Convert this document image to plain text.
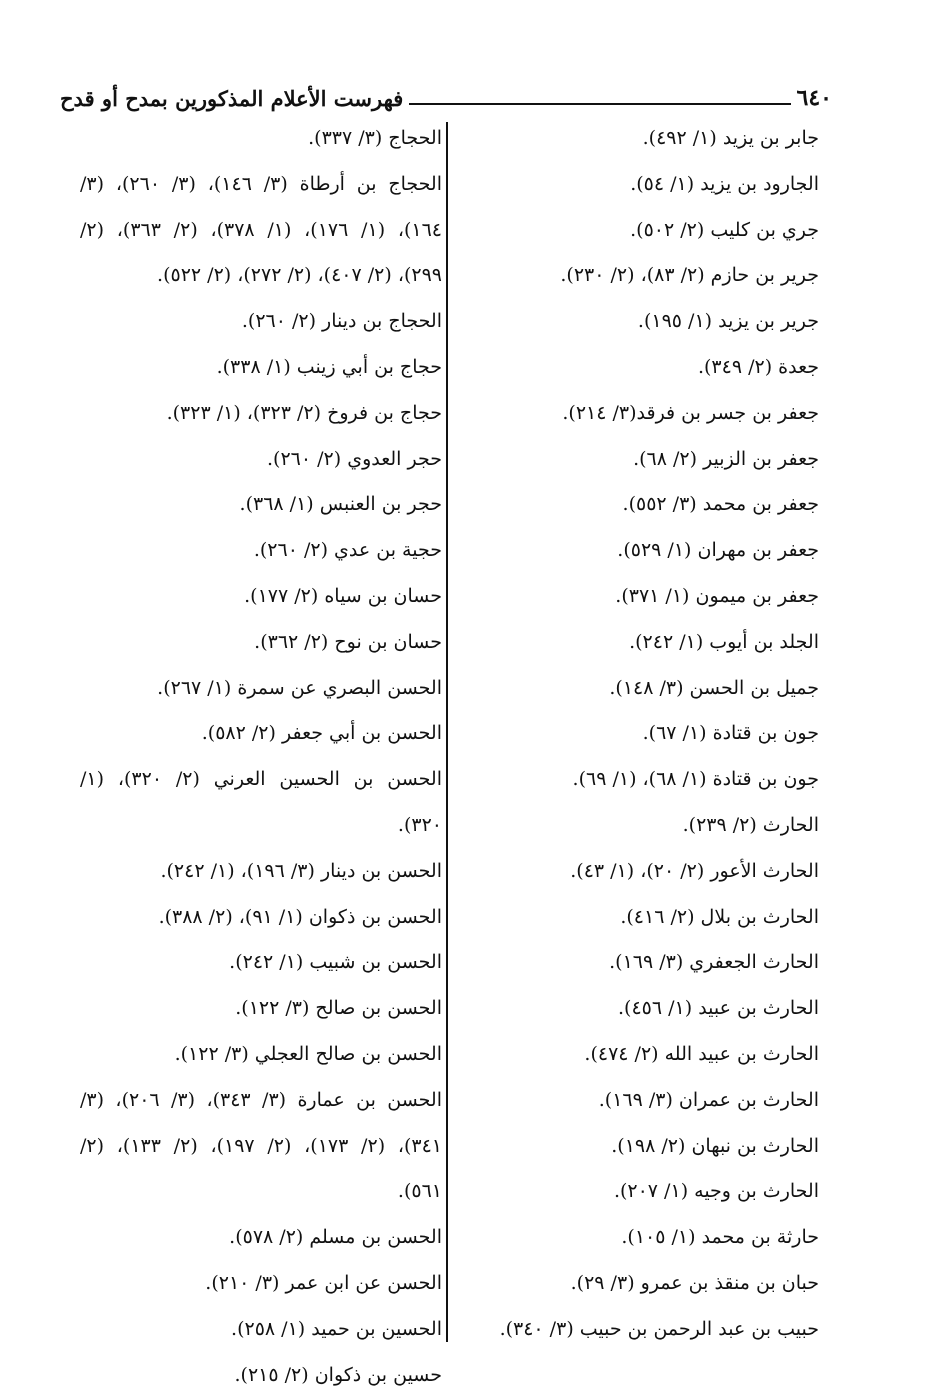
٦٤٠
فهرست الأعلام المذكورين بمدح أو قدح

جابر بن يزيد (١/ ٤٩٢).

الجارود بن يزيد (١/ ٥٤).

جري بن كليب (٢/ ٥٠٢).

جرير بن حازم (٢/ ٨٣)، (٢/ ٢٣٠).

جرير بن يزيد (١/ ١٩٥).

جعدة (٢/ ٣٤٩).

جعفر بن جسر بن فرقد(٣/ ٢١٤).

جعفر بن الزبير (٢/ ٦٨).

جعفر بن محمد (٣/ ٥٥٢).

جعفر بن مهران (١/ ٥٢٩).

جعفر بن ميمون (١/ ٣٧١).

الجلد بن أيوب (١/ ٢٤٢).

جميل بن الحسن (٣/ ١٤٨).

جون بن قتادة (١/ ٦٧).

جون بن قتادة (١/ ٦٨)، (١/ ٦٩).

الحارث (٢/ ٢٣٩).

الحارث الأعور (٢/ ٢٠)، (١/ ٤٣).

الحارث بن بلال (٢/ ٤١٦).

الحارث الجعفري (٣/ ١٦٩).

الحارث بن عبيد (١/ ٤٥٦).

الحارث بن عبيد الله (٢/ ٤٧٤).

الحارث بن عمران (٣/ ١٦٩).

الحارث بن نبهان (٢/ ١٩٨).

الحارث بن وجيه (١/ ٢٠٧).

حارثة بن محمد (١/ ١٠٥).

حبان بن منقذ بن عمرو (٣/ ٢٩).

حبيب بن عبد الرحمن بن حبيب (٣/ ٣٤٠).

الحجاج (٣/ ٣٣٧).

الحجاج بن أرطاة (٣/ ١٤٦)، (٣/ ٢٦٠)، (٣/ ١٦٤)، (١/ ١٧٦)، (١/ ٣٧٨)، (٢/ ٣٦٣)، (٢/ ٢٩٩)، (٢/ ٤٠٧)، (٢/ ٢٧٢)، (٢/ ٥٢٢).

الحجاج بن دينار (٢/ ٢٦٠).

حجاج بن أبي زينب (١/ ٣٣٨).

حجاج بن فروخ (٢/ ٣٢٣)، (١/ ٣٢٣).

حجر العدوي (٢/ ٢٦٠).

حجر بن العنبس (١/ ٣٦٨).

حجية بن عدي (٢/ ٢٦٠).

حسان بن سياه (٢/ ١٧٧).

حسان بن نوح (٢/ ٣٦٢).

الحسن البصري عن سمرة (١/ ٢٦٧).

الحسن بن أبي جعفر (٢/ ٥٨٢).

الحسن بن الحسين العرني (٢/ ٣٢٠)، (١/ ٣٢٠).

الحسن بن دينار (٣/ ١٩٦)، (١/ ٢٤٢).

الحسن بن ذكوان (١/ ٩١)، (٢/ ٣٨٨).

الحسن بن شبيب (١/ ٢٤٢).

الحسن بن صالح (٣/ ١٢٢).

الحسن بن صالح العجلي (٣/ ١٢٢).

الحسن بن عمارة (٣/ ٣٤٣)، (٣/ ٢٠٦)، (٣/ ٣٤١)، (٢/ ١٧٣)، (٢/ ١٩٧)، (٢/ ١٣٣)، (٢/ ٥٦١).

الحسن بن مسلم (٢/ ٥٧٨).

الحسن عن ابن عمر (٣/ ٢١٠).

الحسين بن حميد (١/ ٢٥٨).

حسين بن ذكوان (٢/ ٢١٥).
